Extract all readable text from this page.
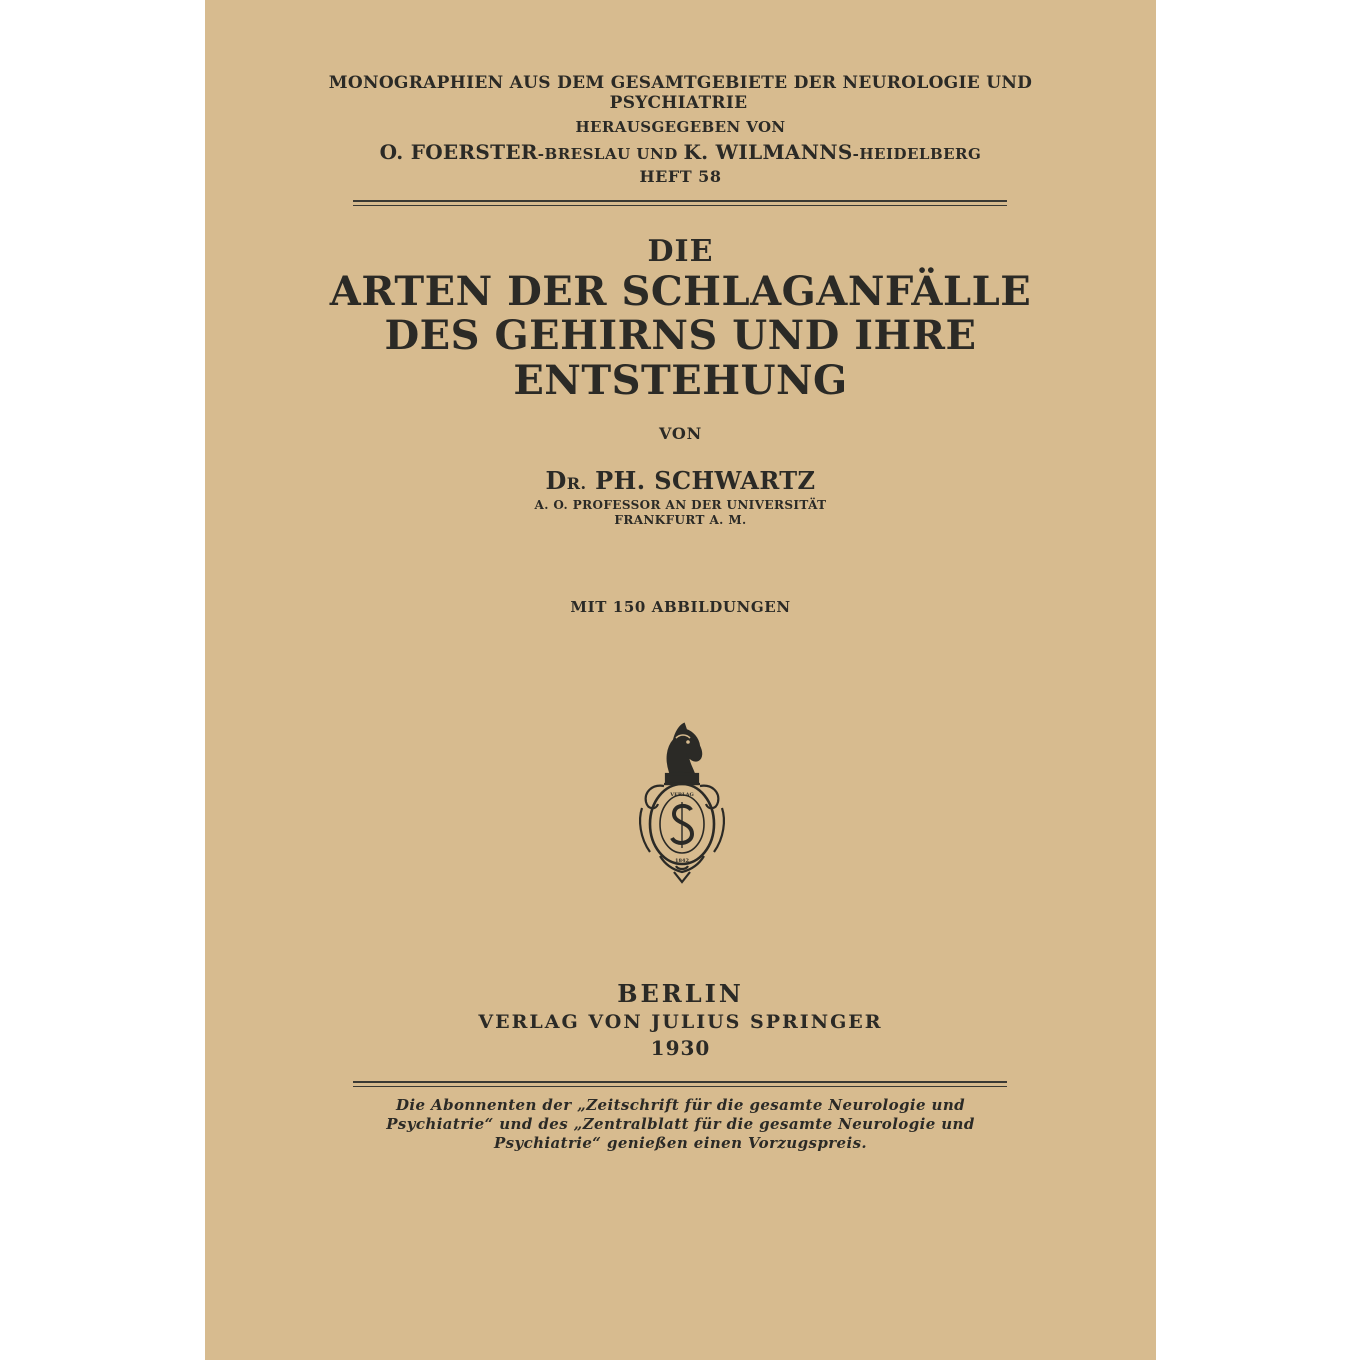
MONOGRAPHIEN AUS DEM GESAMTGEBIETE DER NEUROLOGIE UND
PSYCHIATRIE
HERAUSGEGEBEN VON
O. FOERSTER-BRESLAU UND K. WILMANNS-HEIDELBERG
HEFT 58
DIE
ARTEN DER SCHLAGANFÄLLE
DES GEHIRNS UND IHRE
ENTSTEHUNG
VON
DR. PH. SCHWARTZ
A. O. PROFESSOR AN DER UNIVERSITÄT
FRANKFURT A. M.
MIT 150 ABBILDUNGEN
VERLAG
1842
BERLIN
VERLAG VON JULIUS SPRINGER
1930
Die Abonnenten der „Zeitschrift für die gesamte Neurologie und
Psychiatrie“ und des „Zentralblatt für die gesamte Neurologie und
Psychiatrie“ genießen einen Vorzugspreis.
